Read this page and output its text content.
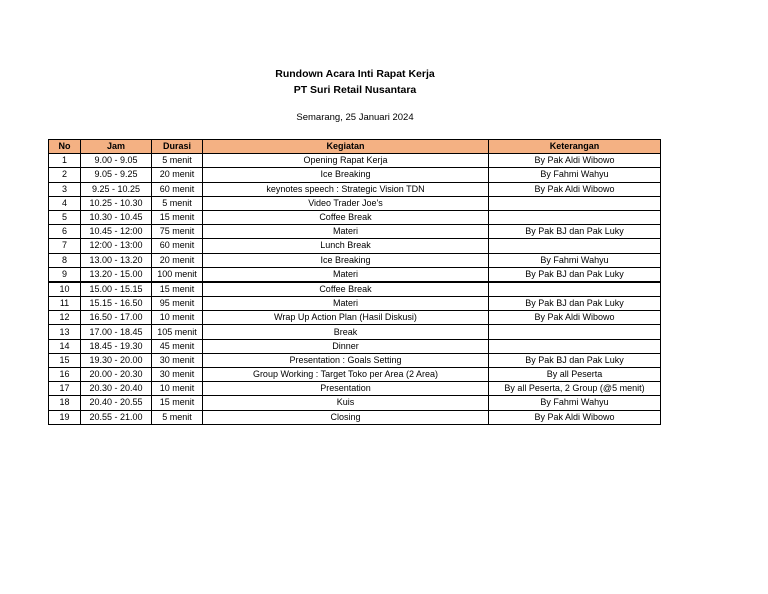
Rundown Acara Inti Rapat Kerja
PT Suri Retail Nusantara
Semarang, 25 Januari 2024
No	Jam	Durasi	Kegiatan	Keterangan
1	9.00 - 9.05	5 menit	Opening Rapat Kerja	By Pak Aldi Wibowo
2	9.05 - 9.25	20 menit	Ice Breaking	By Fahmi Wahyu
3	9.25 - 10.25	60 menit	keynotes speech : Strategic Vision TDN	By Pak Aldi Wibowo
4	10.25 - 10.30	5 menit	Video Trader Joe's	
5	10.30 - 10.45	15 menit	Coffee Break	
6	10.45 - 12:00	75 menit	Materi	By Pak BJ dan Pak Luky
7	12:00 - 13:00	60 menit	Lunch Break	
8	13.00 - 13.20	20 menit	Ice Breaking	By Fahmi Wahyu
9	13.20 - 15.00	100 menit	Materi	By Pak BJ dan Pak Luky
10	15.00 - 15.15	15 menit	Coffee Break	
11	15.15 - 16.50	95 menit	Materi	By Pak BJ dan Pak Luky
12	16.50 - 17.00	10 menit	Wrap Up Action Plan (Hasil Diskusi)	By Pak Aldi Wibowo
13	17.00 - 18.45	105 menit	Break	
14	18.45 - 19.30	45 menit	Dinner	
15	19.30 - 20.00	30 menit	Presentation : Goals Setting	By Pak BJ dan Pak Luky
16	20.00 - 20.30	30 menit	Group Working : Target Toko per Area (2 Area)	By all Peserta
17	20.30 - 20.40	10 menit	Presentation	By all Peserta, 2 Group (@5 menit)
18	20.40 - 20.55	15 menit	Kuis	By Fahmi Wahyu
19	20.55 - 21.00	5 menit	Closing	By Pak Aldi Wibowo
